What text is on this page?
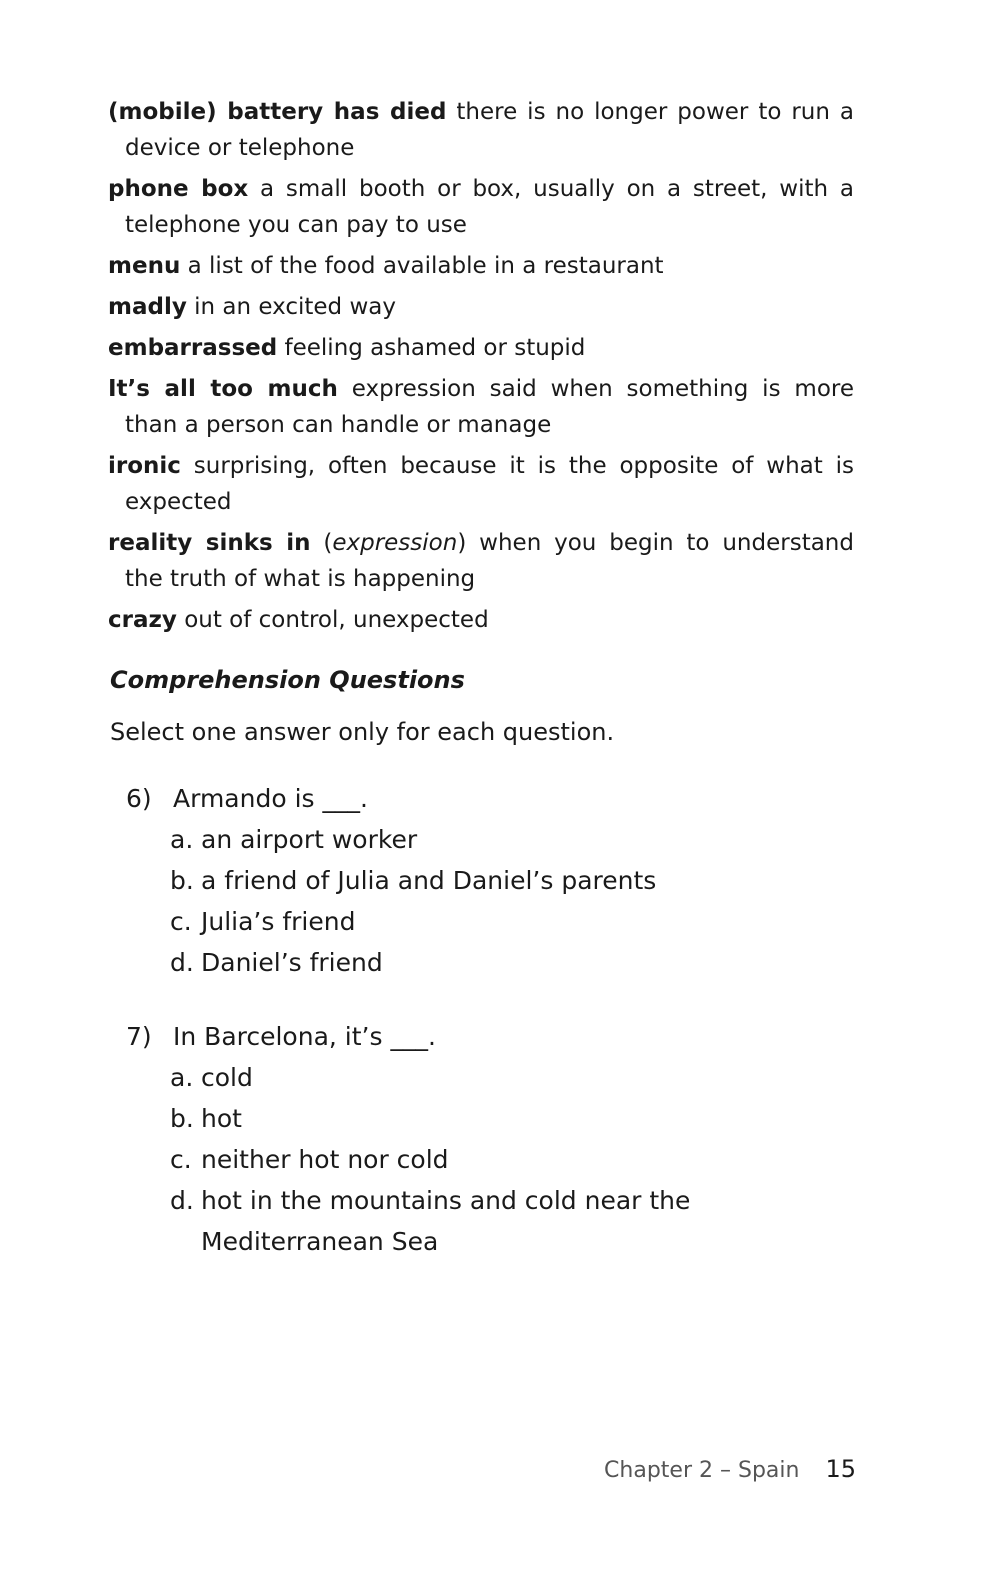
(mobile) battery has died there is no longer power to run a device or telephone

phone box a small booth or box, usually on a street, with a telephone you can pay to use

menu a list of the food available in a restaurant

madly in an excited way

embarrassed feeling ashamed or stupid

It’s all too much expression said when something is more than a person can handle or manage

ironic surprising, often because it is the opposite of what is expected

reality sinks in (expression) when you begin to understand the truth of what is happening

crazy out of control, unexpected

Comprehension Questions

Select one answer only for each question.

6) Armando is ___.
a. an airport worker
b. a friend of Julia and Daniel’s parents
c. Julia’s friend
d. Daniel’s friend
7) In Barcelona, it’s ___.
a. cold
b. hot
c. neither hot nor cold
d. hot in the mountains and cold near the Mediterranean Sea
Chapter 2 – Spain 15
